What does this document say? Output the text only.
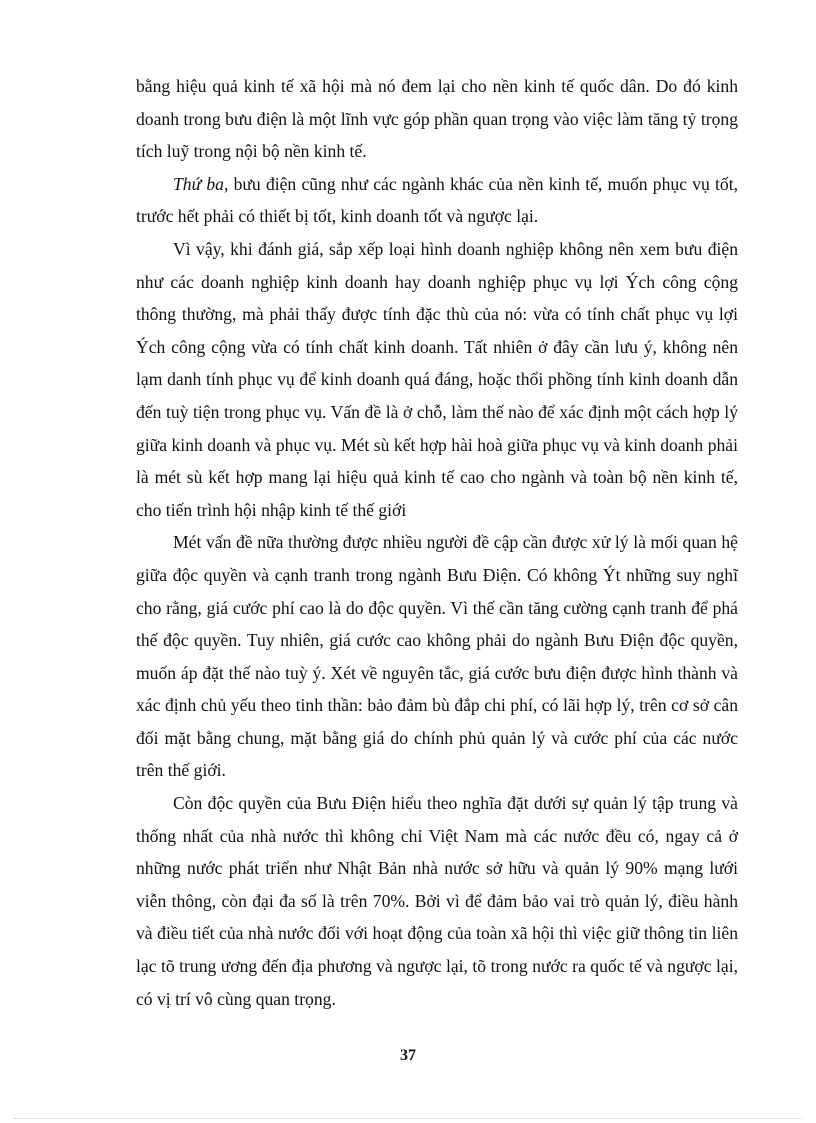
bằng hiệu quả kinh tế xã hội mà nó đem lại cho nền kinh tế quốc dân. Do đó kinh doanh trong bưu điện là một lĩnh vực góp phần quan trọng vào việc làm tăng tỷ trọng tích luỹ trong nội bộ nền kinh tế.

Thứ ba, bưu điện cũng như các ngành khác của nền kinh tế, muốn phục vụ tốt, trước hết phải có thiết bị tốt, kinh doanh tốt và ngược lại.

Vì vậy, khi đánh giá, sắp xếp loại hình doanh nghiệp không nên xem bưu điện như các doanh nghiệp kinh doanh hay doanh nghiệp phục vụ lợi Ých công cộng thông thường, mà phải thấy được tính đặc thù của nó: vừa có tính chất phục vụ lợi Ých công cộng vừa có tính chất kinh doanh. Tất nhiên ở đây cần lưu ý, không nên lạm danh tính phục vụ để kinh doanh quá đáng, hoặc thổi phồng tính kinh doanh dẫn đến tuỳ tiện trong phục vụ. Vấn đề là ở chỗ, làm thế nào để xác định một cách hợp lý giữa kinh doanh và phục vụ. Mét sù kết hợp hài hoà giữa phục vụ và kinh doanh phải là mét sù kết hợp mang lại hiệu quả kinh tế cao cho ngành và toàn bộ nền kinh tế, cho tiến trình hội nhập kinh tế thế giới

Mét vấn đề nữa thường được nhiều người đề cập cần được xử lý là mối quan hệ giữa độc quyền và cạnh tranh trong ngành Bưu Điện. Có không Ýt những suy nghĩ cho rằng, giá cước phí cao là do độc quyền. Vì thế cần tăng cường cạnh tranh để phá thế độc quyền. Tuy nhiên, giá cước cao không phải do ngành Bưu Điện độc quyền, muốn áp đặt thế nào tuỳ ý. Xét về nguyên tắc, giá cước bưu điện được hình thành và xác định chủ yếu theo tinh thần: bảo đảm bù đắp chi phí, có lãi hợp lý, trên cơ sở cân đối mặt bằng chung, mặt bằng giá do chính phủ quản lý và cước phí của các nước trên thế giới.

Còn độc quyền của Bưu Điện hiểu theo nghĩa đặt dưới sự quản lý tập trung và thống nhất của nhà nước thì không chỉ Việt Nam mà các nước đều có, ngay cả ở những nước phát triển như Nhật Bản nhà nước sở hữu và quản lý 90% mạng lưới viễn thông, còn đại đa số là trên 70%. Bởi vì để đảm bảo vai trò quản lý, điều hành và điều tiết của nhà nước đối với hoạt động của toàn xã hội thì việc giữ thông tin liên lạc tõ trung ương đến địa phương và ngược lại, tõ trong nước ra quốc tế và ngược lại, có vị trí vô cùng quan trọng.

37
